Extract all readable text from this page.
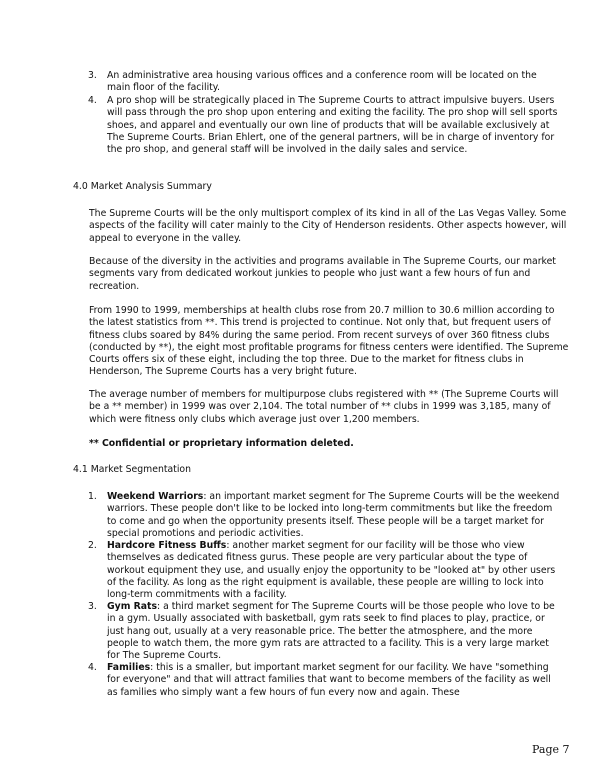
3. An administrative area housing various offices and a conference room will be located on the main floor of the facility.
4. A pro shop will be strategically placed in The Supreme Courts to attract impulsive buyers. Users will pass through the pro shop upon entering and exiting the facility. The pro shop will sell sports shoes, and apparel and eventually our own line of products that will be available exclusively at The Supreme Courts. Brian Ehlert, one of the general partners, will be in charge of inventory for the pro shop, and general staff will be involved in the daily sales and service.
4.0 Market Analysis Summary
The Supreme Courts will be the only multisport complex of its kind in all of the Las Vegas Valley. Some aspects of the facility will cater mainly to the City of Henderson residents. Other aspects however, will appeal to everyone in the valley.
Because of the diversity in the activities and programs available in The Supreme Courts, our market segments vary from dedicated workout junkies to people who just want a few hours of fun and recreation.
From 1990 to 1999, memberships at health clubs rose from 20.7 million to 30.6 million according to the latest statistics from **. This trend is projected to continue. Not only that, but frequent users of fitness clubs soared by 84% during the same period. From recent surveys of over 360 fitness clubs (conducted by **), the eight most profitable programs for fitness centers were identified. The Supreme Courts offers six of these eight, including the top three. Due to the market for fitness clubs in Henderson, The Supreme Courts has a very bright future.
The average number of members for multipurpose clubs registered with ** (The Supreme Courts will be a ** member) in 1999 was over 2,104. The total number of ** clubs in 1999 was 3,185, many of which were fitness only clubs which average just over 1,200 members.
** Confidential or proprietary information deleted.
4.1 Market Segmentation
1. Weekend Warriors: an important market segment for The Supreme Courts will be the weekend warriors. These people don't like to be locked into long-term commitments but like the freedom to come and go when the opportunity presents itself. These people will be a target market for special promotions and periodic activities.
2. Hardcore Fitness Buffs: another market segment for our facility will be those who view themselves as dedicated fitness gurus. These people are very particular about the type of workout equipment they use, and usually enjoy the opportunity to be "looked at" by other users of the facility. As long as the right equipment is available, these people are willing to lock into long-term commitments with a facility.
3. Gym Rats: a third market segment for The Supreme Courts will be those people who love to be in a gym. Usually associated with basketball, gym rats seek to find places to play, practice, or just hang out, usually at a very reasonable price. The better the atmosphere, and the more people to watch them, the more gym rats are attracted to a facility. This is a very large market for The Supreme Courts.
4. Families: this is a smaller, but important market segment for our facility. We have "something for everyone" and that will attract families that want to become members of the facility as well as families who simply want a few hours of fun every now and again. These
Page 7
